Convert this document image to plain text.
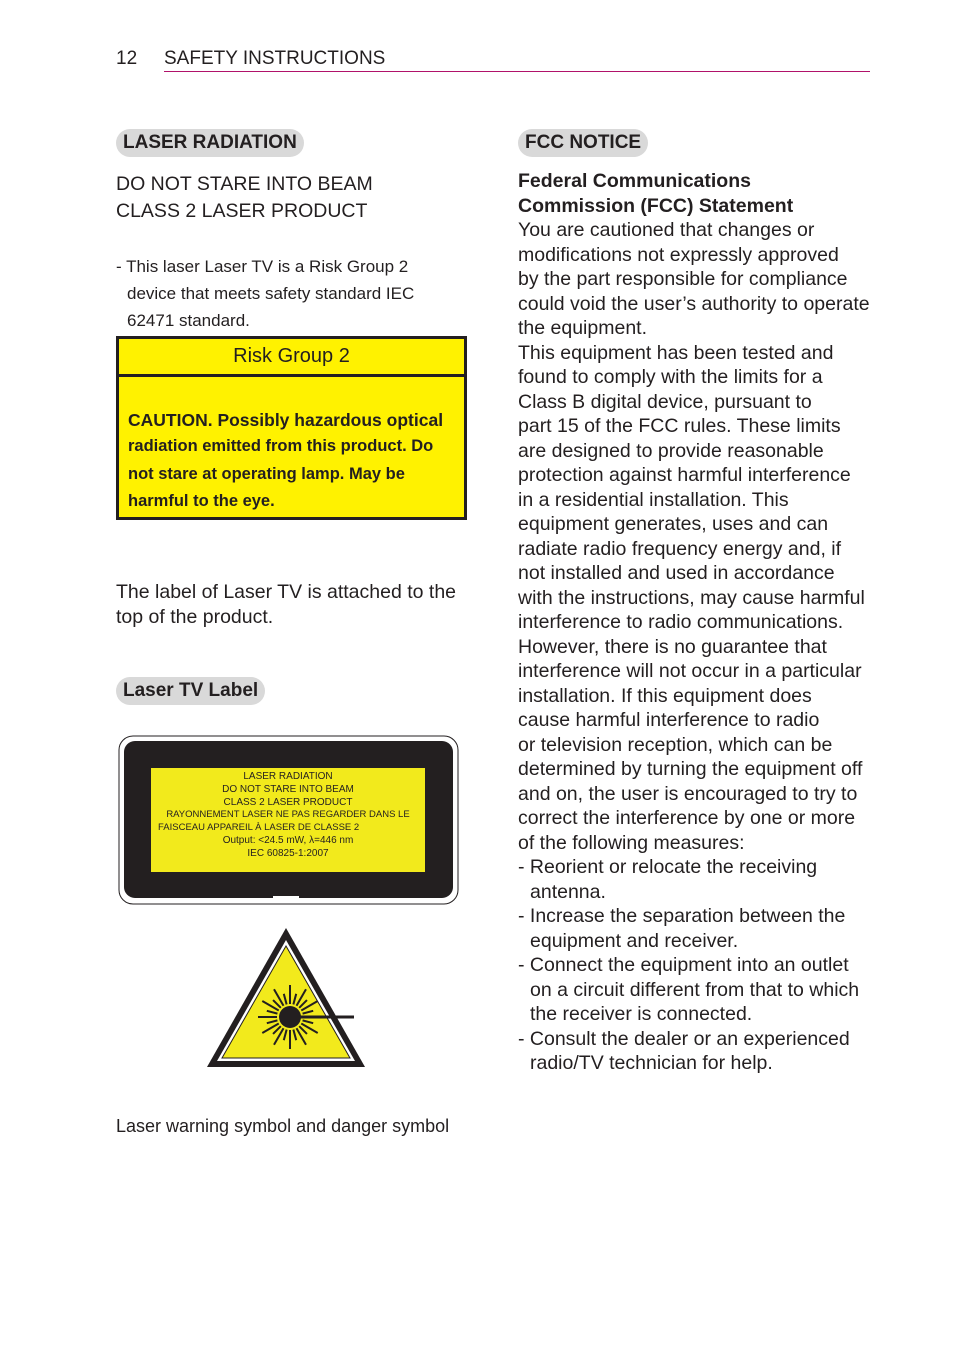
12 SAFETY INSTRUCTIONS
LASER RADIATION
DO NOT STARE INTO BEAM
CLASS 2 LASER PRODUCT
- This laser Laser TV is a Risk Group 2
device that meets safety standard IEC
62471 standard.
Risk Group 2
CAUTION. Possibly hazardous optical
radiation emitted from this product. Do
not stare at operating lamp. May be
harmful to the eye.
The label of Laser TV is attached to the
top of the product.
Laser TV Label
LASER RADIATION
DO NOT STARE INTO BEAM
CLASS 2 LASER PRODUCT
RAYONNEMENT LASER NE PAS REGARDER DANS LE
FAISCEAU APPAREIL À LASER DE CLASSE 2
Output: <24.5 mW, λ=446 nm
IEC 60825-1:2007
Laser warning symbol and danger symbol
FCC NOTICE
Federal Communications
Commission (FCC) Statement
You are cautioned that changes or
modifications not expressly approved
by the part responsible for compliance
could void the user’s authority to operate
the equipment.
This equipment has been tested and
found to comply with the limits for a
Class B digital device, pursuant to
part 15 of the FCC rules. These limits
are designed to provide reasonable
protection against harmful interference
in a residential installation. This
equipment generates, uses and can
radiate radio frequency energy and, if
not installed and used in accordance
with the instructions, may cause harmful
interference to radio communications.
However, there is no guarantee that
interference will not occur in a particular
installation. If this equipment does
cause harmful interference to radio
or television reception, which can be
determined by turning the equipment off
and on, the user is encouraged to try to
correct the interference by one or more
of the following measures:
- Reorient or relocate the receiving
antenna.
- Increase the separation between the
equipment and receiver.
- Connect the equipment into an outlet
on a circuit different from that to which
the receiver is connected.
- Consult the dealer or an experienced
radio/TV technician for help.
